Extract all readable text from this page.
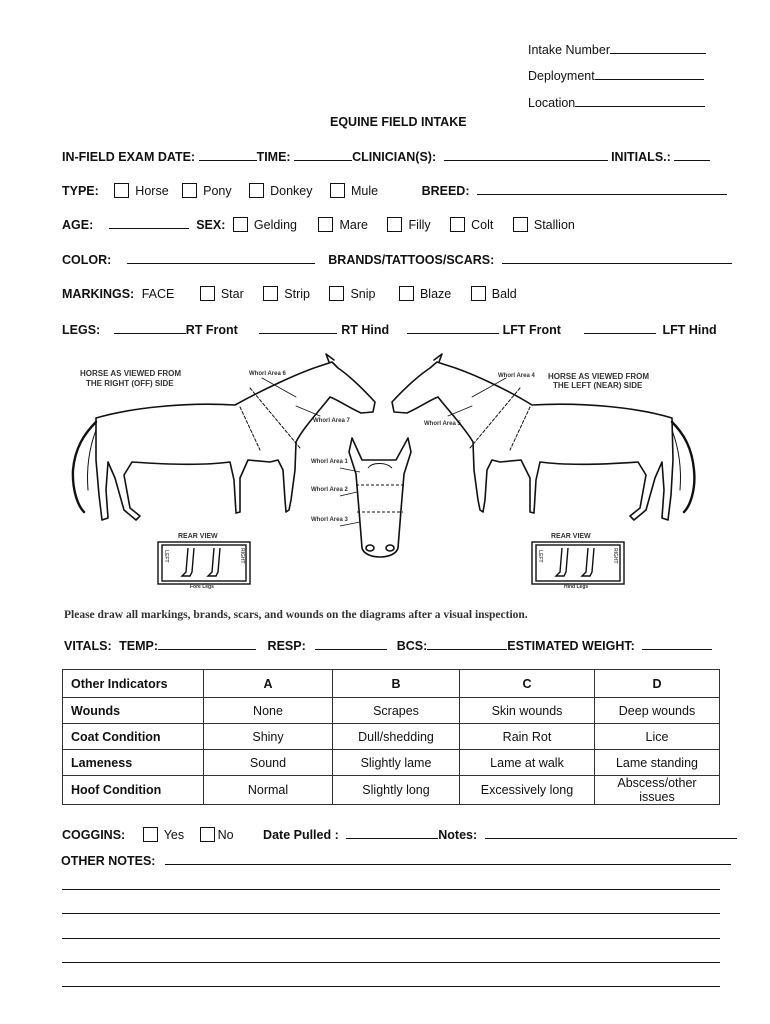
Intake Number
Deployment
Location
EQUINE FIELD INTAKE
IN-FIELD EXAM DATE:	TIME:	CLINICIAN(S):	INITIALS.:
TYPE:	Horse	Pony	Donkey	Mule	BREED:
AGE:	SEX: Gelding	Mare	Filly	Colt	Stallion
COLOR:	BRANDS/TATTOOS/SCARS:
MARKINGS: FACE	Star	Strip	Snip	Blaze	Bald
LEGS:	RT Front	RT Hind	LFT Front	LFT Hind
HORSE AS VIEWED FROM
THE RIGHT (OFF) SIDE
HORSE AS VIEWED FROM
THE LEFT (NEAR) SIDE
Whorl Area 6
Whorl Area 7
Whorl Area 4
Whorl Area 5
Whorl Area 1
Whorl Area 2
Whorl Area 3
REAR VIEW	REAR VIEW
Fore Legs	Hind Legs
LEFT	RIGHT	LEFT	RIGHT
Please draw all markings, brands, scars, and wounds on the diagrams after a visual inspection.
VITALS: TEMP:	RESP:	BCS:	ESTIMATED WEIGHT:
Other Indicators	A	B	C	D
Wounds	None	Scrapes	Skin wounds	Deep wounds
Coat Condition	Shiny	Dull/shedding	Rain Rot	Lice
Lameness	Sound	Slightly lame	Lame at walk	Lame standing
Hoof Condition	Normal	Slightly long	Excessively long	Abscess/other issues
COGGINS:	Yes	No Date Pulled :	Notes:
OTHER NOTES:
